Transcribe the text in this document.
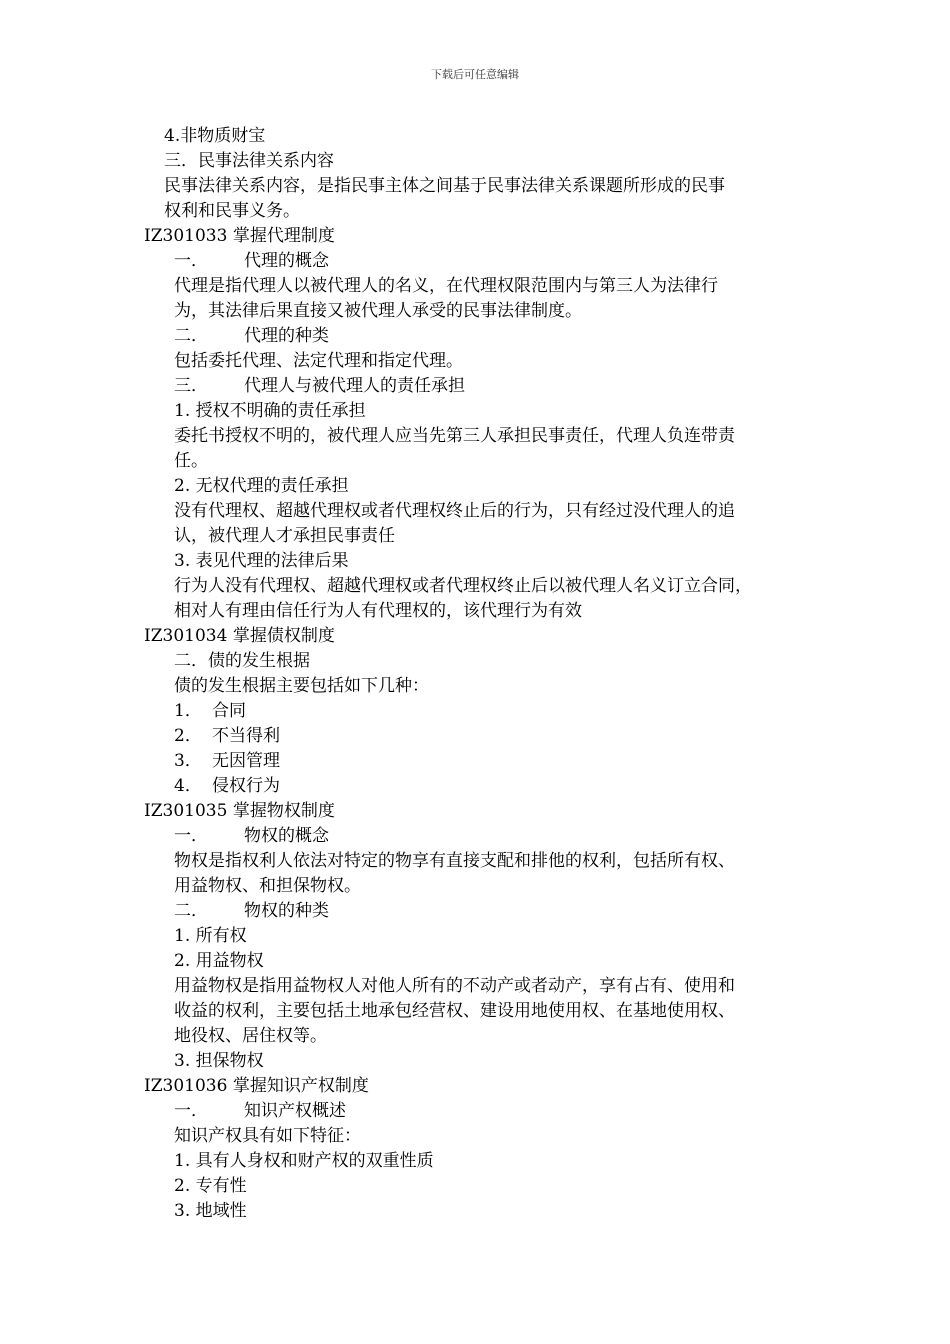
下载后可任意编辑
4.非物质财宝
三．民事法律关系内容
民事法律关系内容，是指民事主体之间基于民事法律关系课题所形成的民事
权利和民事义务。
IZ301033 掌握代理制度
一． 代理的概念
代理是指代理人以被代理人的名义，在代理权限范围内与第三人为法律行
为，其法律后果直接又被代理人承受的民事法律制度。
二． 代理的种类
包括委托代理、法定代理和指定代理。
三． 代理人与被代理人的责任承担
1. 授权不明确的责任承担
委托书授权不明的，被代理人应当先第三人承担民事责任，代理人负连带责
任。
2. 无权代理的责任承担
没有代理权、超越代理权或者代理权终止后的行为，只有经过没代理人的追
认，被代理人才承担民事责任
3. 表见代理的法律后果
行为人没有代理权、超越代理权或者代理权终止后以被代理人名义订立合同，
相对人有理由信任行为人有代理权的，该代理行为有效
IZ301034 掌握债权制度
二．债的发生根据
债的发生根据主要包括如下几种：
1． 合同
2． 不当得利
3． 无因管理
4． 侵权行为
IZ301035 掌握物权制度
一． 物权的概念
物权是指权利人依法对特定的物享有直接支配和排他的权利，包括所有权、
用益物权、和担保物权。
二． 物权的种类
1. 所有权
2. 用益物权
用益物权是指用益物权人对他人所有的不动产或者动产，享有占有、使用和
收益的权利，主要包括土地承包经营权、建设用地使用权、在基地使用权、
地役权、居住权等。
3. 担保物权
IZ301036 掌握知识产权制度
一． 知识产权概述
知识产权具有如下特征：
1. 具有人身权和财产权的双重性质
2. 专有性
3. 地域性
